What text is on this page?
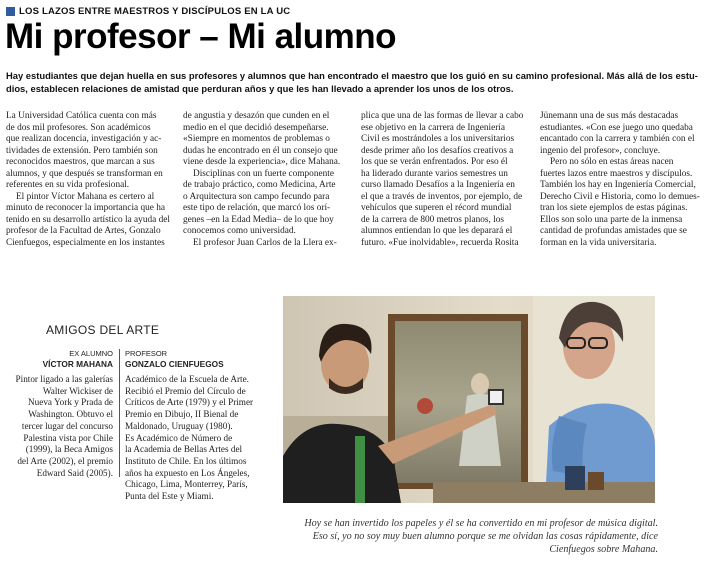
LOS LAZOS ENTRE MAESTROS Y DISCÍPULOS EN LA UC
Mi profesor – Mi alumno
Hay estudiantes que dejan huella en sus profesores y alumnos que han encontrado el maestro que los guió en su camino profesional. Más allá de los estu-
dios, establecen relaciones de amistad que perduran años y que les han llevado a aprender los unos de los otros.
La Universidad Católica cuenta con más
de dos mil profesores. Son académicos
que realizan docencia, investigación y ac-
tividades de extensión. Pero también son
reconocidos maestros, que marcan a sus
alumnos, y que después se transforman en
referentes en su vida profesional.
El pintor Víctor Mahana es certero al
minuto de reconocer la importancia que ha
tenido en su desarrollo artístico la ayuda del
profesor de la Facultad de Artes, Gonzalo
Cienfuegos, especialmente en los instantes
de angustia y desazón que cunden en el
medio en el que decidió desempeñarse.
«Siempre en momentos de problemas o
dudas he encontrado en él un consejo que
viene desde la experiencia», dice Mahana.
Disciplinas con un fuerte componente
de trabajo práctico, como Medicina, Arte
o Arquitectura son campo fecundo para
este tipo de relación, que marcó los orí-
genes –en la Edad Media– de lo que hoy
conocemos como universidad.
El profesor Juan Carlos de la Llera ex-
plica que una de las formas de llevar a cabo
ese objetivo en la carrera de Ingeniería
Civil es mostrándoles a los universitarios
desde primer año los desafíos creativos a
los que se verán enfrentados. Por eso él
ha liderado durante varios semestres un
curso llamado Desafíos a la Ingeniería en
el que a través de inventos, por ejemplo, de
vehículos que superen el récord mundial
de la carrera de 800 metros planos, los
alumnos entiendan lo que les deparará el
futuro. «Fue inolvidable», recuerda Rosita
Jünemann una de sus más destacadas
estudiantes. «Con ese juego uno quedaba
encantado con la carrera y también con el
ingenio del profesor», concluye.
Pero no sólo en estas áreas nacen
fuertes lazos entre maestros y discípulos.
También los hay en Ingeniería Comercial,
Derecho Civil e Historia, como lo demues-
tran los siete ejemplos de estas páginas.
Ellos son solo una parte de la inmensa
cantidad de profundas amistades que se
forman en la vida universitaria.
AMIGOS DEL ARTE
EX ALUMNO
VÍCTOR MAHANA
Pintor ligado a las galerías
Walter Wickiser de
Nueva York y Prada de
Washington. Obtuvo el
tercer lugar del concurso
Palestina vista por Chile
(1999), la Beca Amigos
del Arte (2002), el premio
Edward Said (2005).
PROFESOR
GONZALO CIENFUEGOS
Académico de la Escuela de Arte.
Recibió el Premio del Círculo de
Críticos de Arte (1979) y el Primer
Premio en Dibujo, II Bienal de
Maldonado, Uruguay (1980).
Es Académico de Número de
la Academia de Bellas Artes del
Instituto de Chile. En los últimos
años ha expuesto en Los Ángeles,
Chicago, Lima, Monterrey, París,
Punta del Este y Miami.
Hoy se han invertido los papeles y él se ha convertido en mi profesor de música digital.
Eso sí, yo no soy muy buen alumno porque se me olvidan las cosas rápidamente, dice
Cienfuegos sobre Mahana.
